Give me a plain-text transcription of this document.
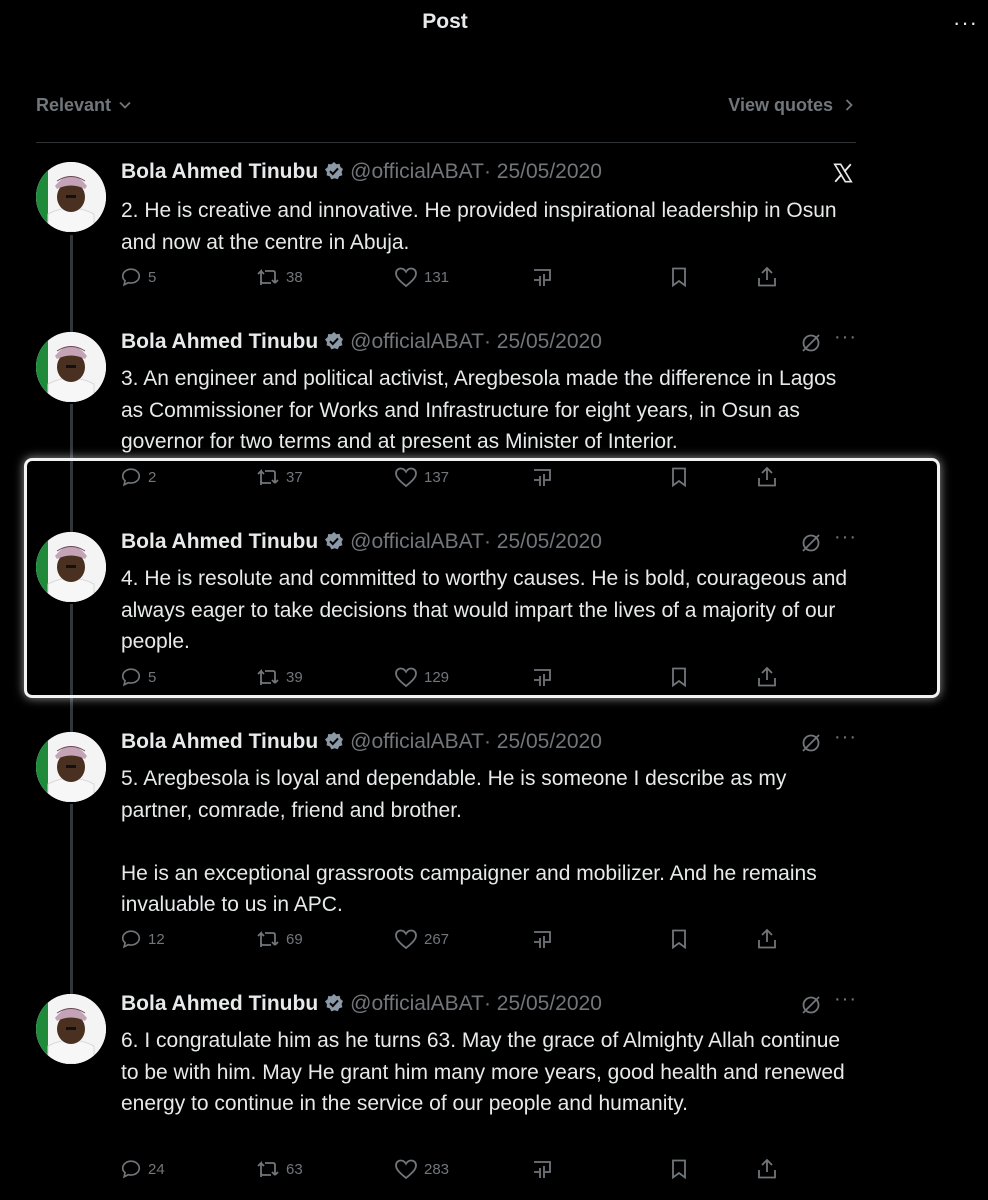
Post	···
Relevant	View quotes
Bola Ahmed Tinubu @officialABAT· 25/05/2020
2. He is creative and innovative. He provided inspirational leadership in Osun and now at the centre in Abuja.
5	38	131
Bola Ahmed Tinubu @officialABAT· 25/05/2020	···
3. An engineer and political activist, Aregbesola made the difference in Lagos as Commissioner for Works and Infrastructure for eight years, in Osun as governor for two terms and at present as Minister of Interior.
2	37	137
Bola Ahmed Tinubu @officialABAT· 25/05/2020	···
4. He is resolute and committed to worthy causes. He is bold, courageous and always eager to take decisions that would impart the lives of a majority of our people.
5	39	129
Bola Ahmed Tinubu @officialABAT· 25/05/2020	···
5. Aregbesola is loyal and dependable. He is someone I describe as my partner, comrade, friend and brother.

He is an exceptional grassroots campaigner and mobilizer. And he remains invaluable to us in APC.
12	69	267
Bola Ahmed Tinubu @officialABAT· 25/05/2020	···
6. I congratulate him as he turns 63. May the grace of Almighty Allah continue to be with him. May He grant him many more years, good health and renewed energy to continue in the service of our people and humanity.
24	63	283
